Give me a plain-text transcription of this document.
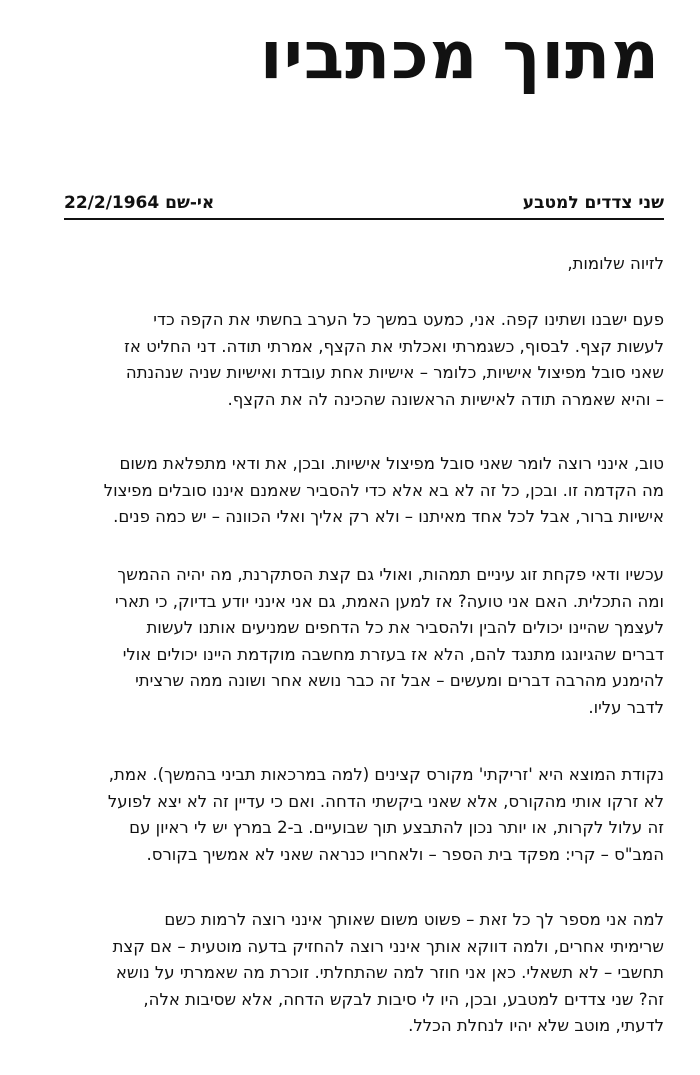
מתוך מכתביו
שני צדדים למטבע
אי-שם 22/2/1964

לזיוה שלומות,

פעם ישבנו ושתינו קפה. אני, כמעט במשך כל הערב בחשתי את הקפה כדי
לעשות קצף. לבסוף, כשגמרתי ואכלתי את הקצף, אמרתי תודה. דני החליט אז
שאני סובל מפיצול אישיות, כלומר – אישיות אחת עובדת ואישיות שניה שנהנתה
– והיא שאמרה תודה לאישיות הראשונה שהכינה לה את הקצף.

טוב, אינני רוצה לומר שאני סובל מפיצול אישיות. ובכן, את ודאי מתפלאת משום
מה הקדמה זו. ובכן, כל זה לא בא אלא כדי להסביר שאמנם איננו סובלים מפיצול
אישיות ברור, אבל לכל אחד מאיתנו – ולא רק אליך ואלי הכוונה – יש כמה פנים.

עכשיו ודאי פקחת זוג עיניים תמהות, ואולי גם קצת הסתקרנת, מה יהיה ההמשך
ומה התכלית. האם אני טועה? אז למען האמת, גם אני אינני יודע בדיוק, כי תארי
לעצמך שהיינו יכולים להבין ולהסביר את כל הדחפים שמניעים אותנו לעשות
דברים שהגיונגו מתנגד להם, הלא אז בעזרת מחשבה מוקדמת היינו יכולים אולי
להימנע מהרבה דברים ומעשים – אבל זה כבר נושא אחר ושונה ממה שרציתי
לדבר עליו.

נקודת המוצא היא 'זריקתי' מקורס קצינים (למה במרכאות תביני בהמשך). אמת,
לא זרקו אותי מהקורס, אלא שאני ביקשתי הדחה. ואם כי עדיין זה לא יצא לפועל
זה עלול לקרות, או יותר נכון להתבצע תוך שבועיים. ב-2 במרץ יש לי ראיון עם
המב"ס – קרי: מפקד בית הספר – ולאחריו כנראה שאני לא אמשיך בקורס.

למה אני מספר לך כל זאת – פשוט משום שאותך אינני רוצה לרמות כשם
שרימיתי אחרים, ולמה דווקא אותך אינני רוצה להחזיק בדעה מוטעית – אם קצת
תחשבי – לא תשאלי. כאן אני חוזר למה שהתחלתי. זוכרת מה שאמרתי על נושא
זה? שני צדדים למטבע, ובכן, היו לי סיבות לבקש הדחה, אלא שסיבות אלה,
לדעתי, מוטב שלא יהיו לנחלת הכלל.
